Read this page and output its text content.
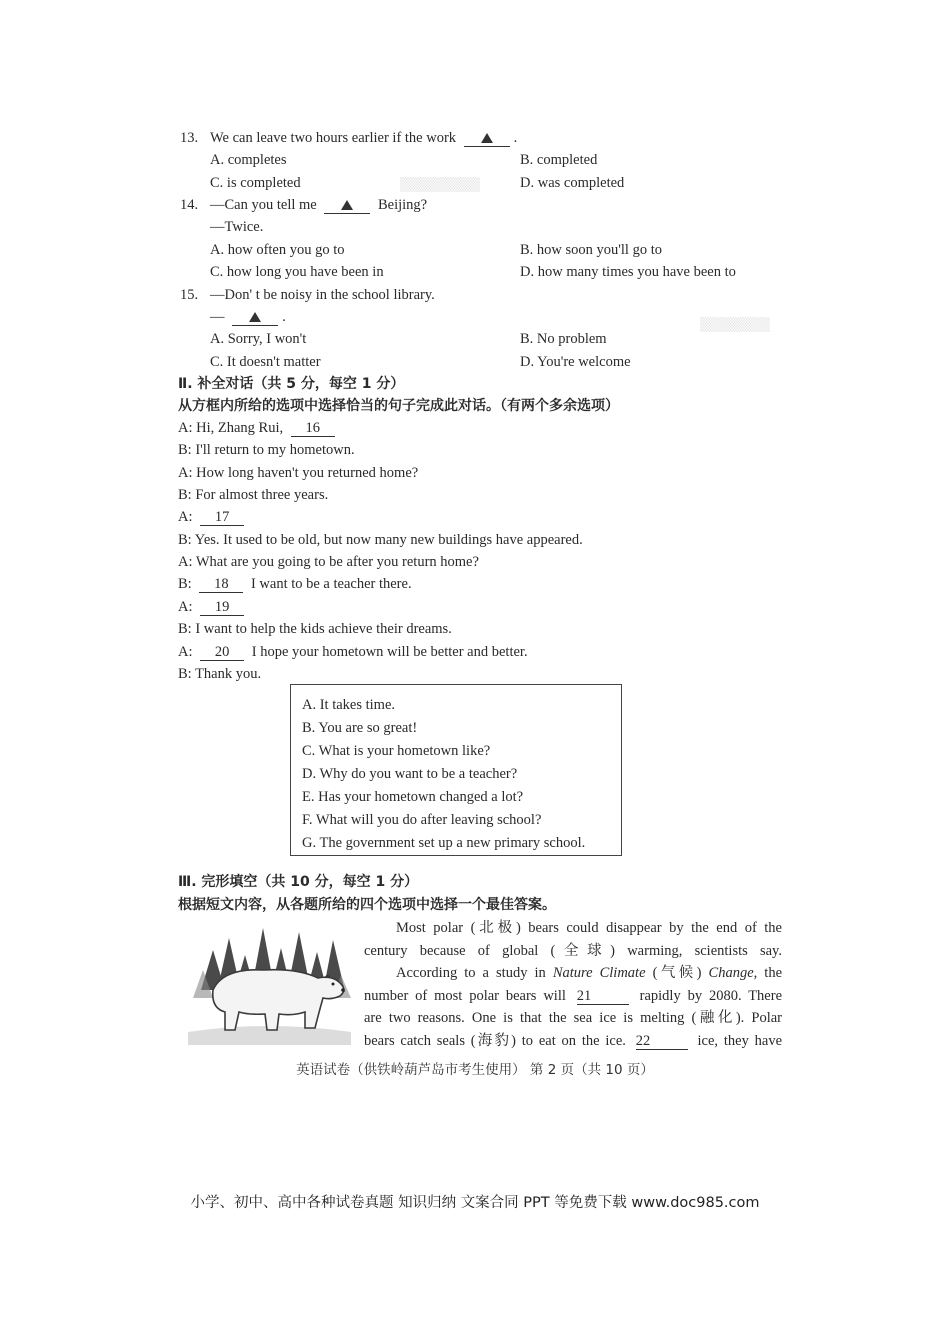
▒▒▒▒▒▒▒▒
▒▒▒▒▒▒▒
13. We can leave two hours earlier if the work	.
A. completes	B. completed
C. is completed	D. was completed
14. —Can you tell me	Beijing?
—Twice.
A. how often you go to	B. how soon you'll go to
C. how long you have been in	D. how many times you have been to
15. —Don' t be noisy in the school library.
—	.
A. Sorry, I won't	B. No problem
C. It doesn't matter	D. You're welcome
Ⅱ. 补全对话（共 5 分，每空 1 分）
从方框内所给的选项中选择恰当的句子完成此对话。（有两个多余选项）
A: Hi, Zhang Rui, 16
B: I'll return to my hometown.
A: How long haven't you returned home?
B: For almost three years.
A: 17
B: Yes. It used to be old, but now many new buildings have appeared.
A: What are you going to be after you return home?
B: 18 I want to be a teacher there.
A: 19
B: I want to help the kids achieve their dreams.
A: 20 I hope your hometown will be better and better.
B: Thank you.
A. It takes time.
B. You are so great!
C. What is your hometown like?
D. Why do you want to be a teacher?
E. Has your hometown changed a lot?
F. What will you do after leaving school?
G. The government set up a new primary school.
Ⅲ. 完形填空（共 10 分，每空 1 分）
根据短文内容，从各题所给的四个选项中选择一个最佳答案。
Most polar (北极) bears could disappear by the end of the
century because of global (全球) warming, scientists say.
According to a study in Nature Climate (气候) Change, the
number of most polar bears will 21	rapidly by 2080. There
are two reasons. One is that the sea ice is melting (融化). Polar
bears catch seals (海豹) to eat on the ice. 22	ice, they have
英语试卷（供铁岭葫芦岛市考生使用） 第 2 页（共 10 页）
小学、初中、高中各种试卷真题 知识归纳 文案合同 PPT 等免费下载 www.doc985.com
